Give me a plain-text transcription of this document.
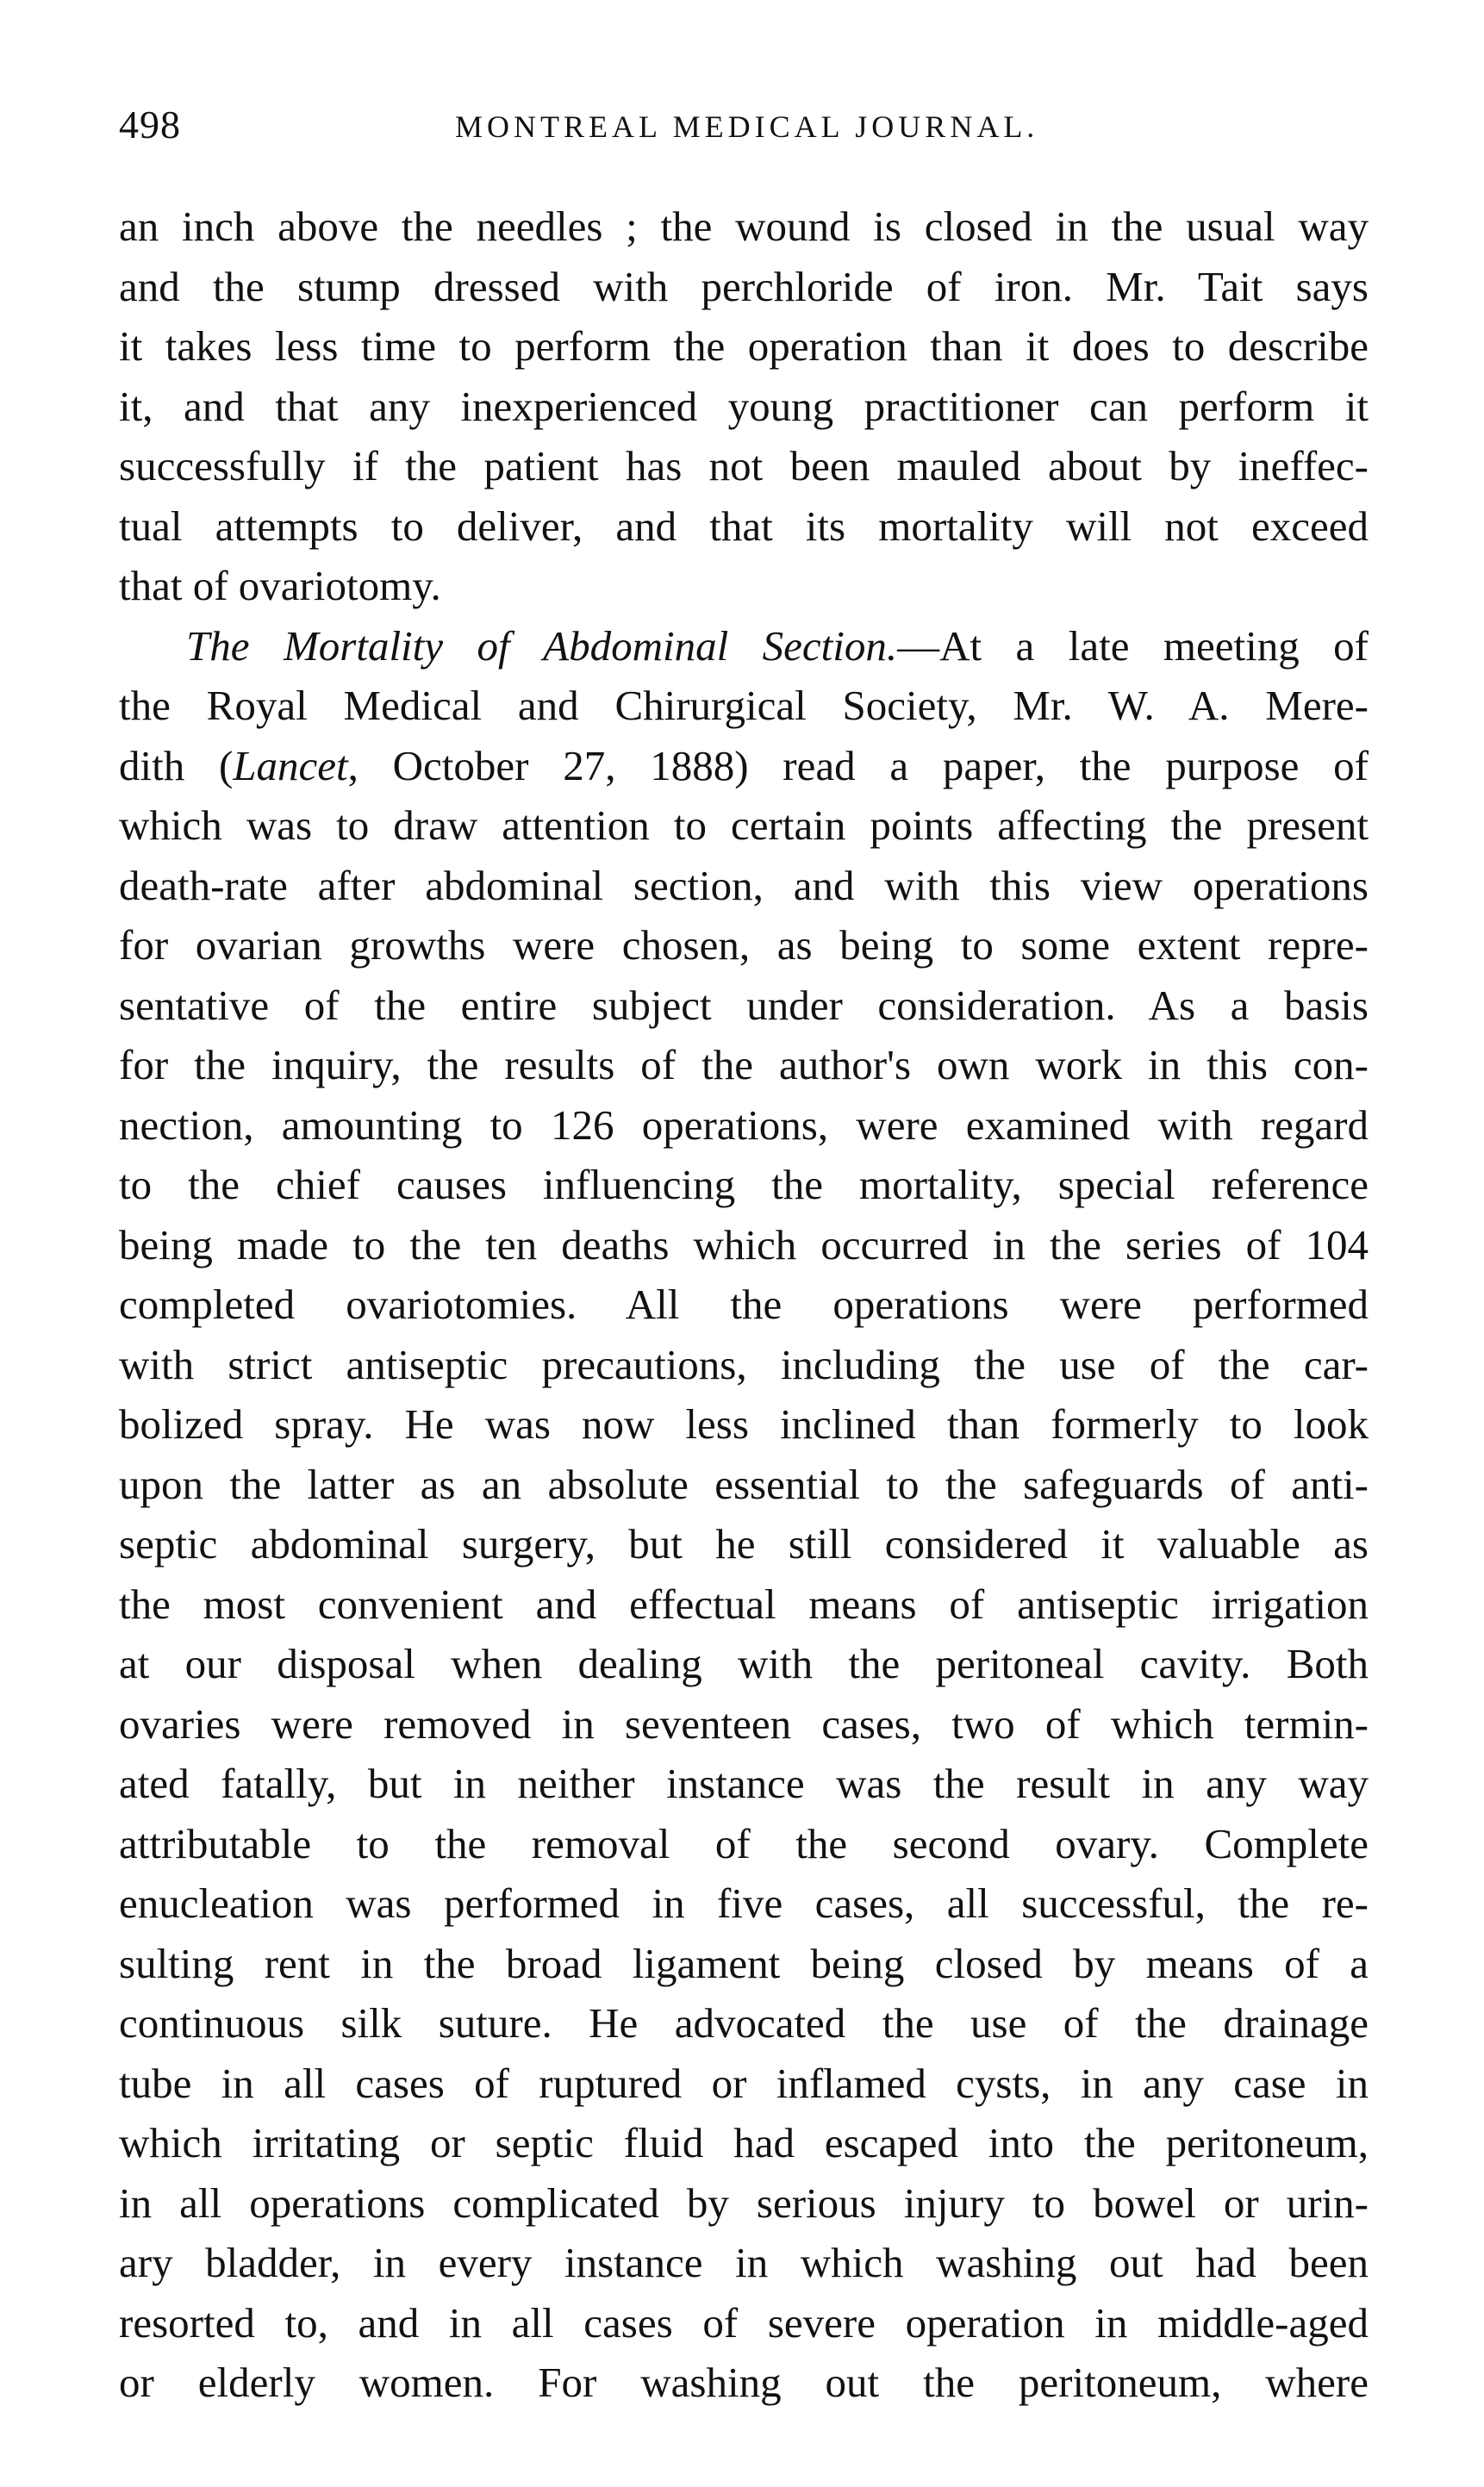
498	MONTREAL MEDICAL JOURNAL.
an inch above the needles ; the wound is closed in the usual way
and the stump dressed with perchloride of iron. Mr. Tait says
it takes less time to perform the operation than it does to describe
it, and that any inexperienced young practitioner can perform it
successfully if the patient has not been mauled about by ineffec-
tual attempts to deliver, and that its mortality will not exceed
that of ovariotomy.
The Mortality of Abdominal Section.—At a late meeting of
the Royal Medical and Chirurgical Society, Mr. W. A. Mere-
dith (Lancet, October 27, 1888) read a paper, the purpose of
which was to draw attention to certain points affecting the present
death-rate after abdominal section, and with this view operations
for ovarian growths were chosen, as being to some extent repre-
sentative of the entire subject under consideration. As a basis
for the inquiry, the results of the author's own work in this con-
nection, amounting to 126 operations, were examined with regard
to the chief causes influencing the mortality, special reference
being made to the ten deaths which occurred in the series of 104
completed ovariotomies. All the operations were performed
with strict antiseptic precautions, including the use of the car-
bolized spray. He was now less inclined than formerly to look
upon the latter as an absolute essential to the safeguards of anti-
septic abdominal surgery, but he still considered it valuable as
the most convenient and effectual means of antiseptic irrigation
at our disposal when dealing with the peritoneal cavity. Both
ovaries were removed in seventeen cases, two of which termin-
ated fatally, but in neither instance was the result in any way
attributable to the removal of the second ovary. Complete
enucleation was performed in five cases, all successful, the re-
sulting rent in the broad ligament being closed by means of a
continuous silk suture. He advocated the use of the drainage
tube in all cases of ruptured or inflamed cysts, in any case in
which irritating or septic fluid had escaped into the peritoneum,
in all operations complicated by serious injury to bowel or urin-
ary bladder, in every instance in which washing out had been
resorted to, and in all cases of severe operation in middle-aged
or elderly women. For washing out the peritoneum, where
